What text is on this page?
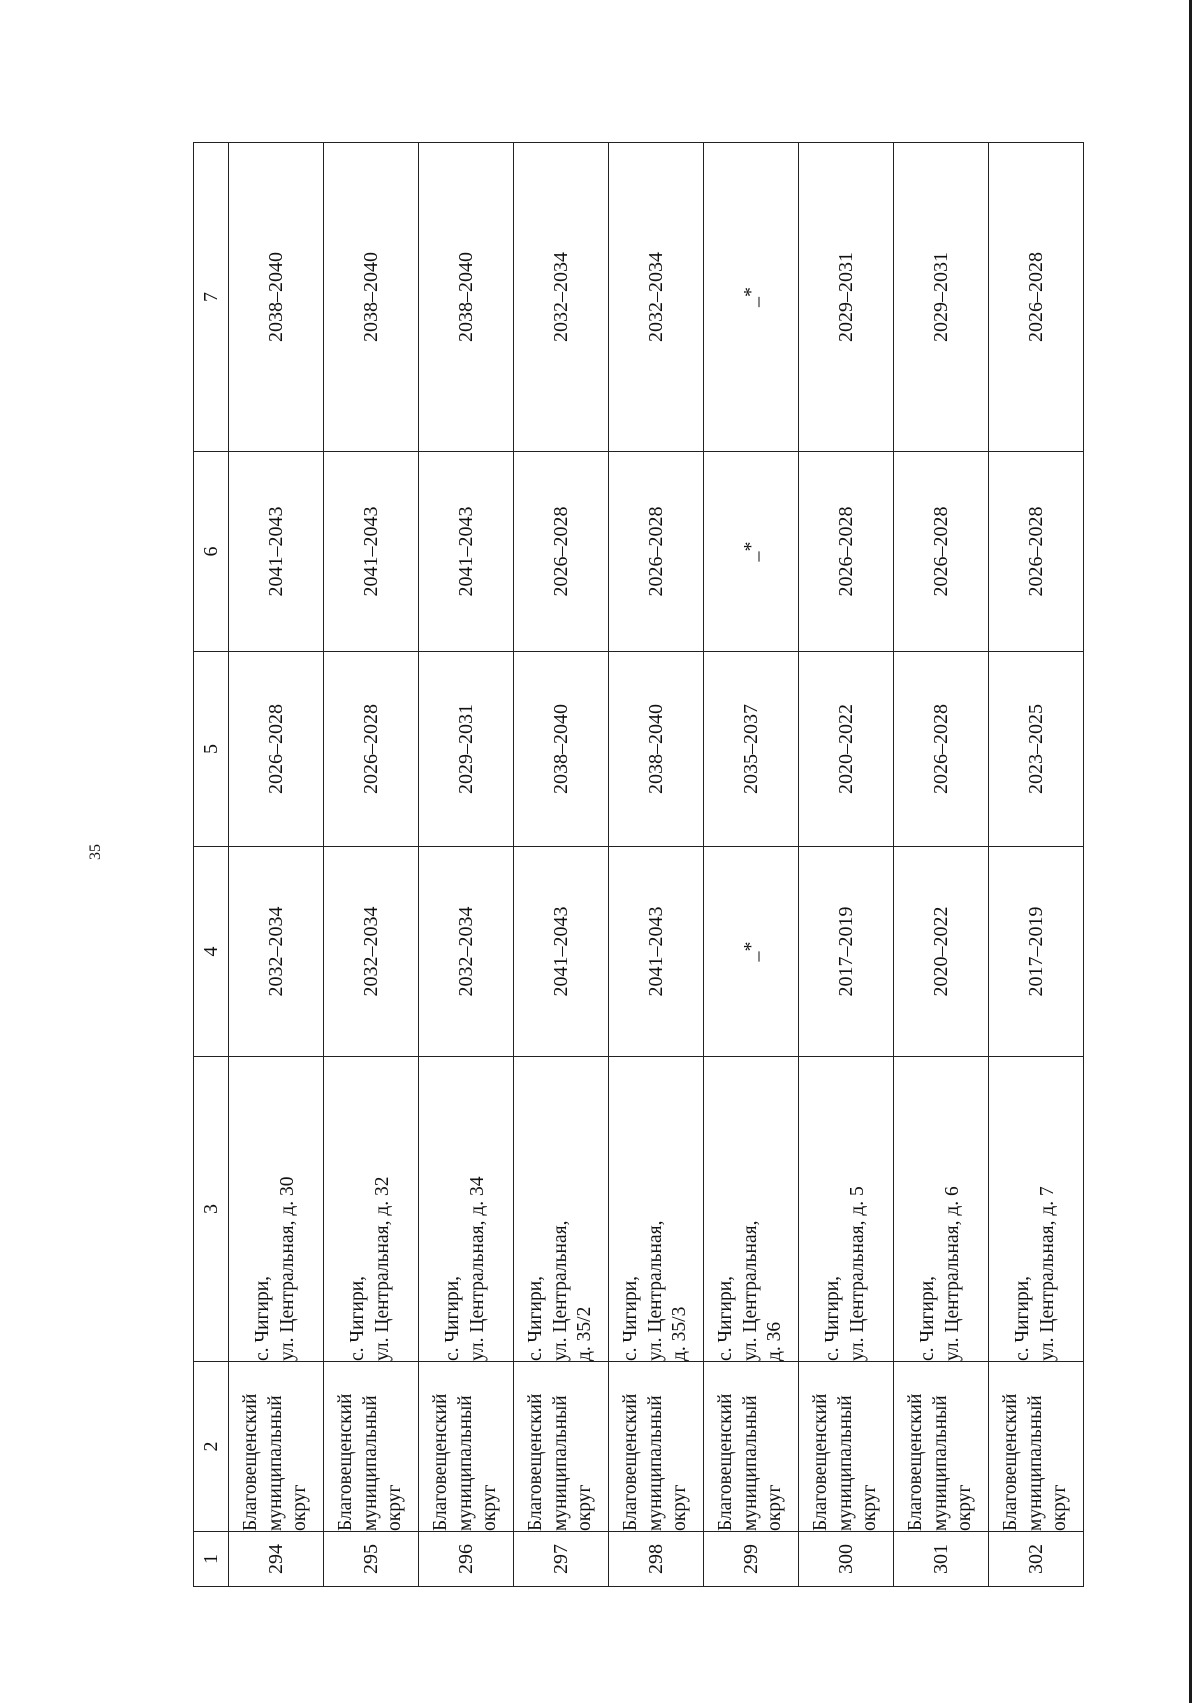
35
1	2	3	4	5	6	7
294	Благовещенский муниципальный округ	с. Чигири, ул. Центральная, д. 30	2032–2034	2026–2028	2041–2043	2038–2040
295	Благовещенский муниципальный округ	с. Чигири, ул. Центральная, д. 32	2032–2034	2026–2028	2041–2043	2038–2040
296	Благовещенский муниципальный округ	с. Чигири, ул. Центральная, д. 34	2032–2034	2029–2031	2041–2043	2038–2040
297	Благовещенский муниципальный округ	с. Чигири, ул. Центральная, д. 35/2	2041–2043	2038–2040	2026–2028	2032–2034
298	Благовещенский муниципальный округ	с. Чигири, ул. Центральная, д. 35/3	2041–2043	2038–2040	2026–2028	2032–2034
299	Благовещенский муниципальный округ	с. Чигири, ул. Центральная, д. 36	_*	2035–2037	_*	_*
300	Благовещенский муниципальный округ	с. Чигири, ул. Центральная, д. 5	2017–2019	2020–2022	2026–2028	2029–2031
301	Благовещенский муниципальный округ	с. Чигири, ул. Центральная, д. 6	2020–2022	2026–2028	2026–2028	2029–2031
302	Благовещенский муниципальный округ	с. Чигири, ул. Центральная, д. 7	2017–2019	2023–2025	2026–2028	2026–2028
